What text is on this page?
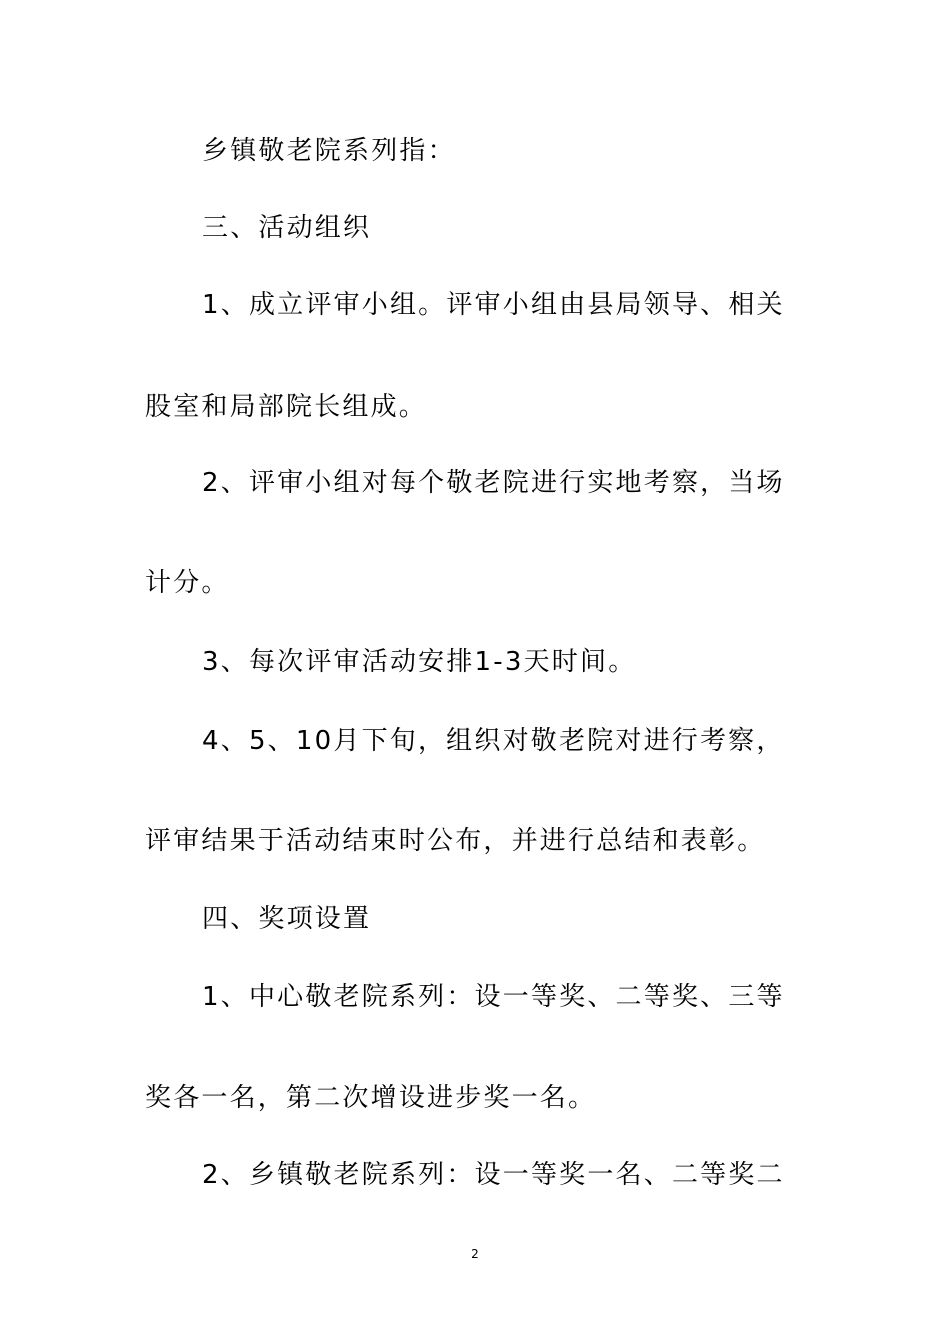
乡镇敬老院系列指：

三、活动组织

1、成立评审小组。评审小组由县局领导、相关

股室和局部院长组成。

2、评审小组对每个敬老院进行实地考察，当场

计分。

3、每次评审活动安排1-3天时间。

4、5、10月下旬，组织对敬老院对进行考察，

评审结果于活动结束时公布，并进行总结和表彰。

四、奖项设置

1、中心敬老院系列：设一等奖、二等奖、三等

奖各一名，第二次增设进步奖一名。

2、乡镇敬老院系列：设一等奖一名、二等奖二

2
